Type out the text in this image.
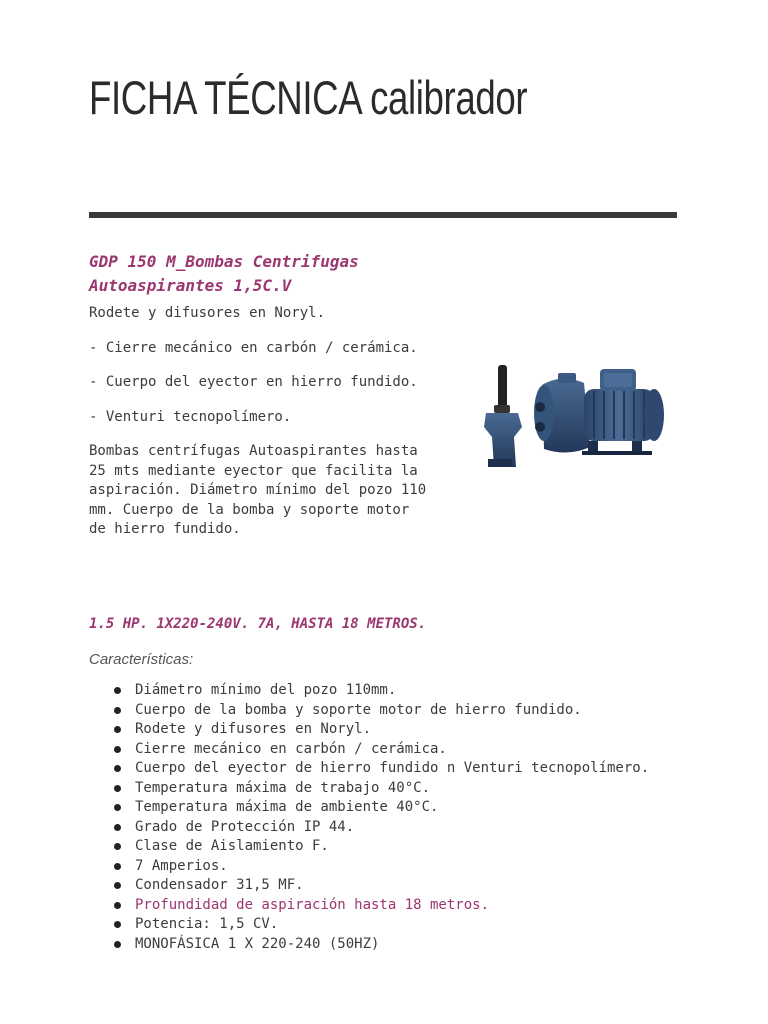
FICHA TÉCNICA calibrador
GDP 150 M_Bombas Centrifugas Autoaspirantes 1,5C.V

Rodete y difusores en Noryl.

- Cierre mecánico en carbón / cerámica.

- Cuerpo del eyector en hierro fundido.

- Venturi tecnopolímero.

Bombas centrífugas Autoaspirantes hasta 25 mts mediante eyector que facilita la aspiración. Diámetro mínimo del pozo 110 mm. Cuerpo de la bomba y soporte motor de hierro fundido.

1.5 HP. 1X220-240V. 7A, HASTA 18 METROS.
Características:
Diámetro mínimo del pozo 110mm.
Cuerpo de la bomba y soporte motor de hierro fundido.
Rodete y difusores en Noryl.
Cierre mecánico en carbón / cerámica.
Cuerpo del eyector de hierro fundido n Venturi tecnopolímero.
Temperatura máxima de trabajo 40°C.
Temperatura máxima de ambiente 40°C.
Grado de Protección IP 44.
Clase de Aislamiento F.
7 Amperios.
Condensador 31,5 MF.
Profundidad de aspiración hasta 18 metros.
Potencia: 1,5 CV.
MONOFÁSICA 1 X 220-240 (50HZ)
